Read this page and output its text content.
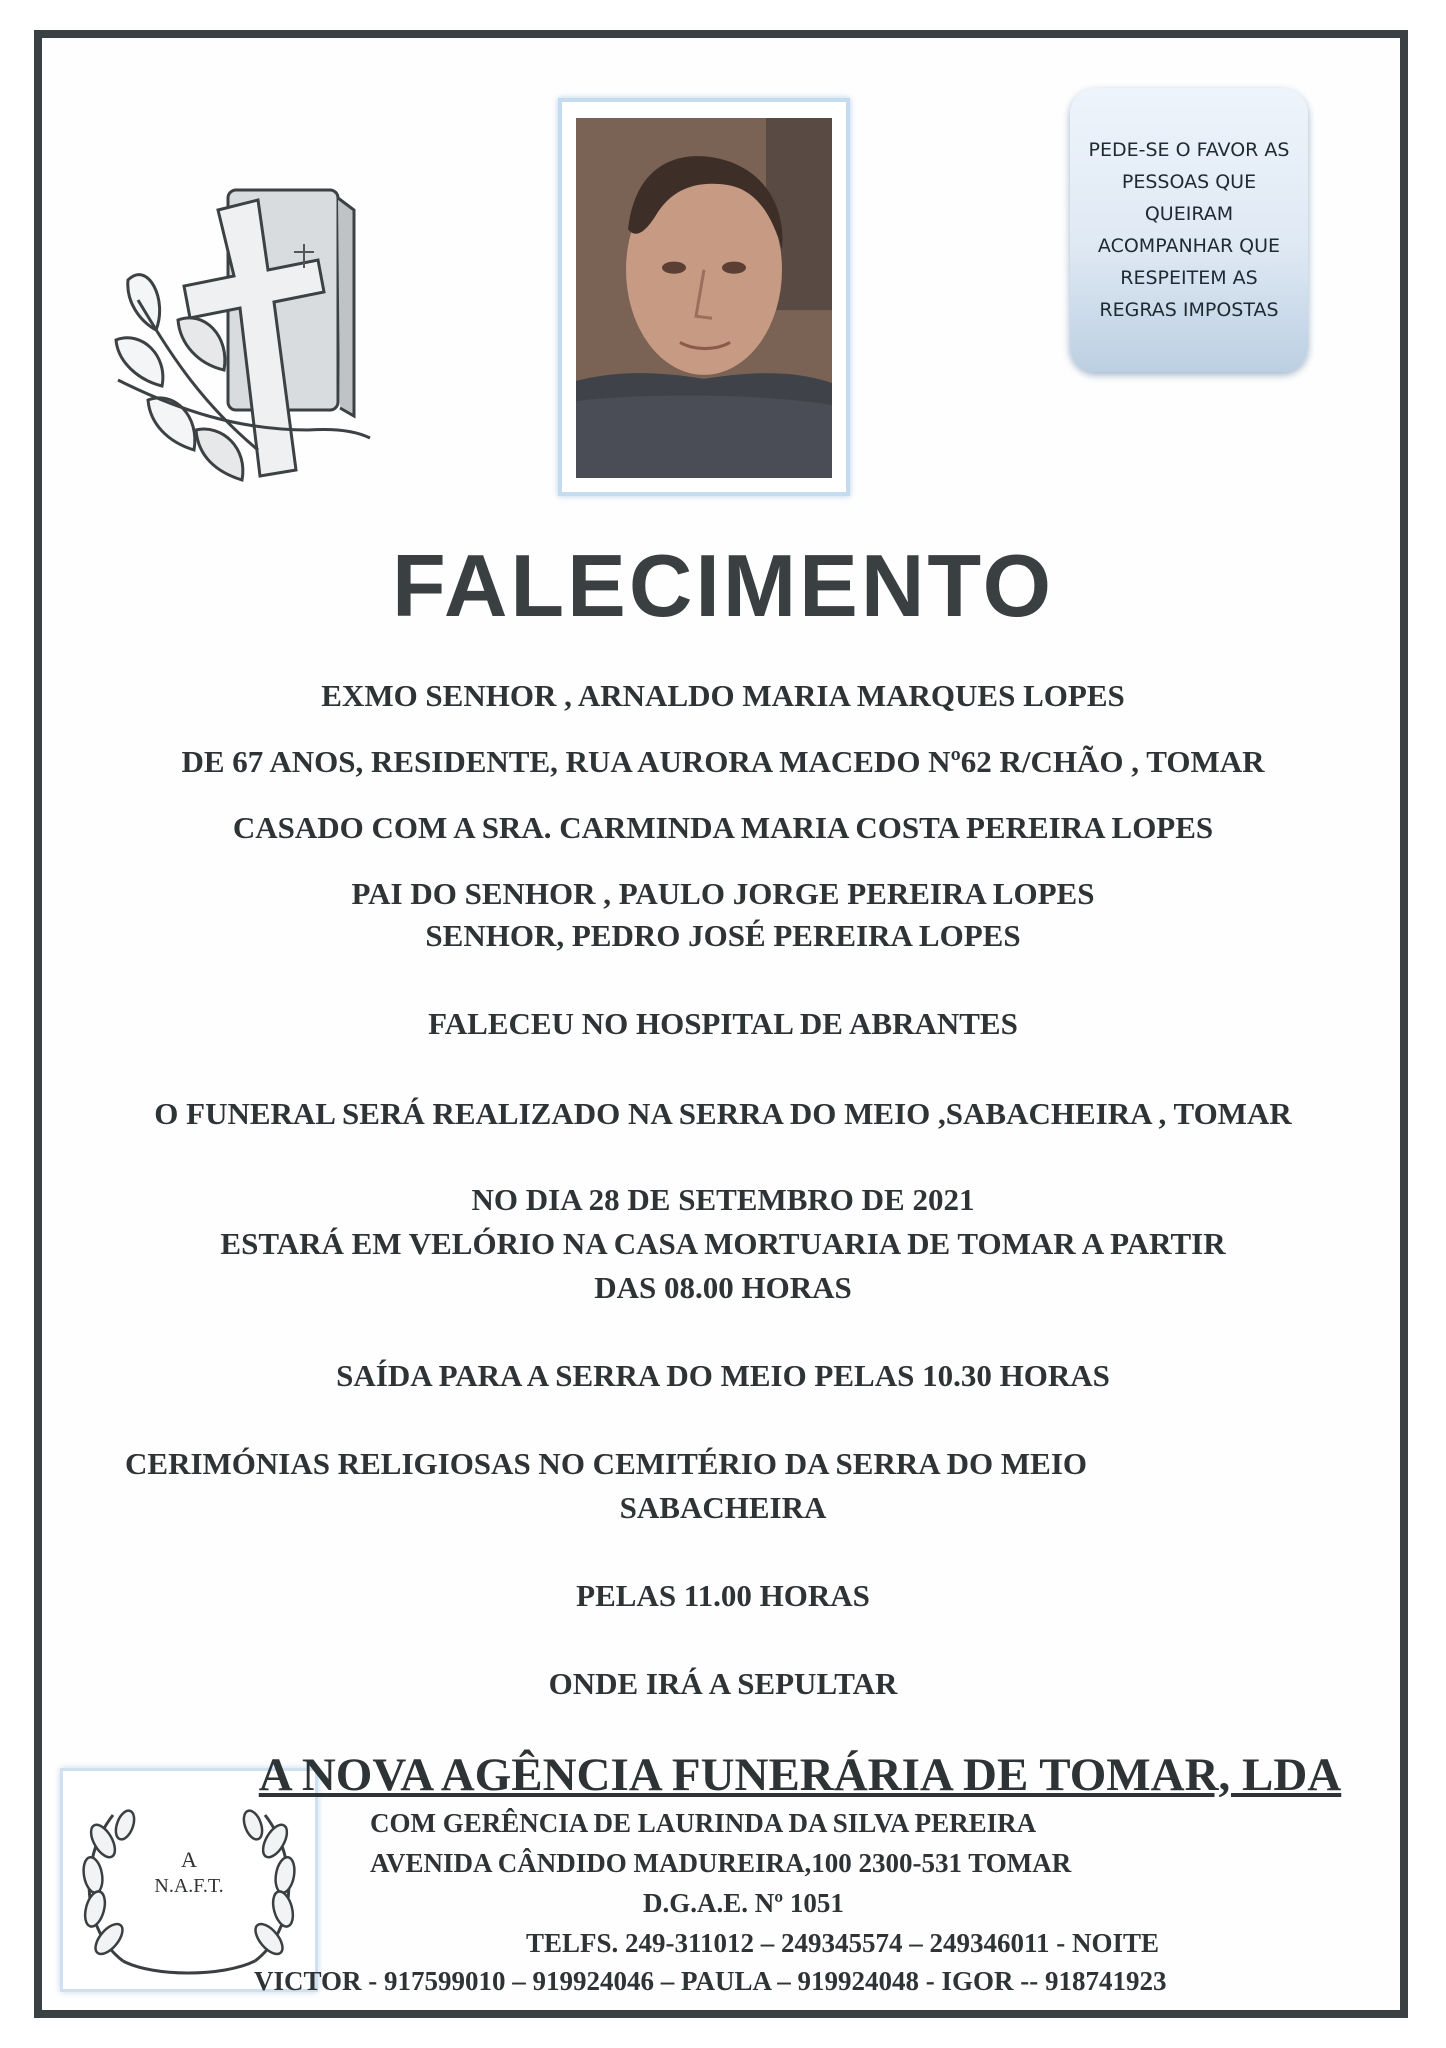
PEDE-SE O FAVOR AS
PESSOAS QUE
QUEIRAM
ACOMPANHAR QUE
RESPEITEM AS
REGRAS IMPOSTAS

FALECIMENTO
EXMO SENHOR , ARNALDO MARIA MARQUES LOPES
DE 67 ANOS, RESIDENTE, RUA AURORA MACEDO Nº62 R/CHÃO , TOMAR
CASADO COM A SRA. CARMINDA MARIA COSTA PEREIRA LOPES
PAI DO SENHOR , PAULO JORGE PEREIRA LOPES
SENHOR, PEDRO JOSÉ PEREIRA LOPES
FALECEU NO HOSPITAL DE ABRANTES
O FUNERAL SERÁ REALIZADO NA SERRA DO MEIO ,SABACHEIRA , TOMAR
NO DIA 28 DE SETEMBRO DE 2021
ESTARÁ EM VELÓRIO NA CASA MORTUARIA DE TOMAR A PARTIR
DAS 08.00 HORAS
SAÍDA PARA A SERRA DO MEIO PELAS 10.30 HORAS
CERIMÓNIAS RELIGIOSAS NO CEMITÉRIO DA SERRA DO MEIO
SABACHEIRA
PELAS 11.00 HORAS
ONDE IRÁ A SEPULTAR
A
N.A.F.T.
A NOVA AGÊNCIA FUNERÁRIA DE TOMAR, LDA
COM GERÊNCIA DE LAURINDA DA SILVA PEREIRA
AVENIDA CÂNDIDO MADUREIRA,100 2300-531 TOMAR
D.G.A.E. Nº 1051
TELFS. 249-311012 – 249345574 – 249346011 - NOITE
VICTOR - 917599010 – 919924046 – PAULA – 919924048 - IGOR -- 918741923
